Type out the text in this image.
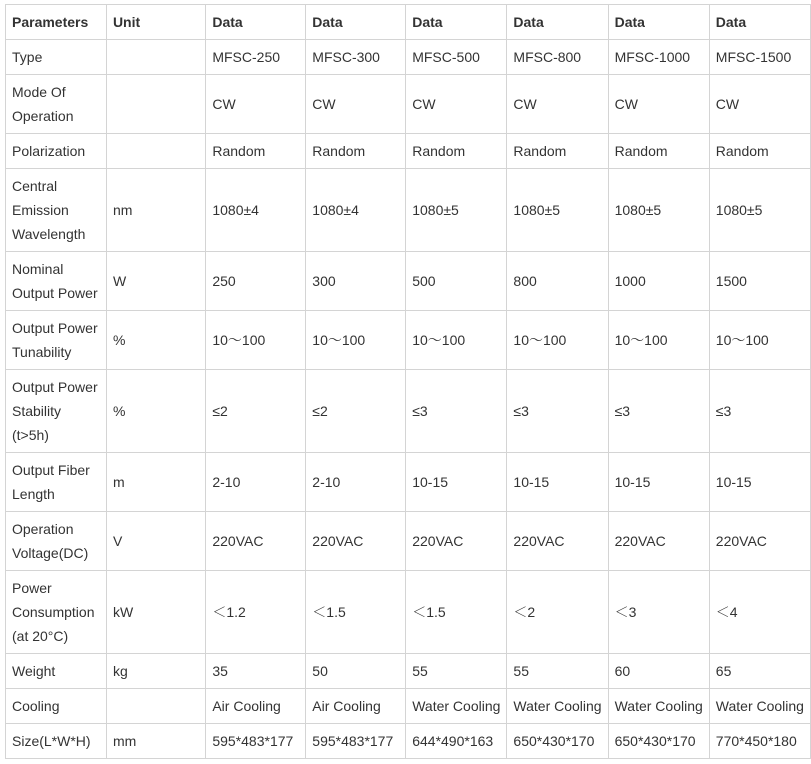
Parameters	Unit	Data	Data	Data	Data	Data	Data
Type		MFSC-250	MFSC-300	MFSC-500	MFSC-800	MFSC-1000	MFSC-1500
Mode Of
Operation		CW	CW	CW	CW	CW	CW
Polarization		Random	Random	Random	Random	Random	Random
Central
Emission
Wavelength	nm	1080±4	1080±4	1080±5	1080±5	1080±5	1080±5
Nominal
Output Power	W	250	300	500	800	1000	1500
Output Power
Tunability	%	10～100	10～100	10～100	10～100	10～100	10～100
Output Power
Stability
(t>5h)	%	≤2	≤2	≤3	≤3	≤3	≤3
Output Fiber
Length	m	2-10	2-10	10-15	10-15	10-15	10-15
Operation
Voltage(DC)	V	220VAC	220VAC	220VAC	220VAC	220VAC	220VAC
Power
Consumption
(at 20°C)	kW	＜1.2	＜1.5	＜1.5	＜2	＜3	＜4
Weight	kg	35	50	55	55	60	65
Cooling		Air Cooling	Air Cooling	Water Cooling	Water Cooling	Water Cooling	Water Cooling
Size(L*W*H)	mm	595*483*177	595*483*177	644*490*163	650*430*170	650*430*170	770*450*180
